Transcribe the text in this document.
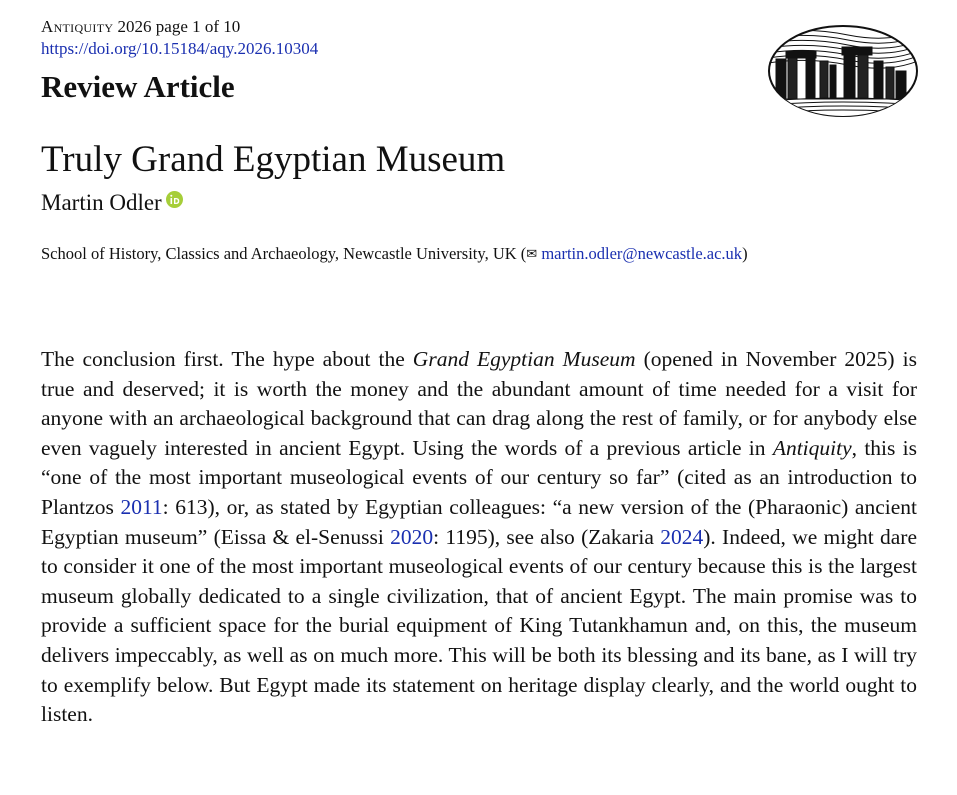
Antiquity 2026 page 1 of 10
https://doi.org/10.15184/aqy.2026.10304
Review Article
Truly Grand Egyptian Museum
Martin Odler
School of History, Classics and Archaeology, Newcastle University, UK (✉ martin.odler@newcastle.ac.uk)

The conclusion first. The hype about the Grand Egyptian Museum (opened in November 2025) is true and deserved; it is worth the money and the abundant amount of time needed for a visit for anyone with an archaeological background that can drag along the rest of family, or for anybody else even vaguely interested in ancient Egypt. Using the words of a previous article in Antiquity, this is “one of the most important museological events of our century so far” (cited as an introduction to Plantzos 2011: 613), or, as stated by Egyptian colleagues: “a new version of the (Pharaonic) ancient Egyptian museum” (Eissa & el-Senussi 2020: 1195), see also (Zakaria 2024). Indeed, we might dare to consider it one of the most important museological events of our century because this is the largest museum globally dedicated to a single civilization, that of ancient Egypt. The main promise was to provide a sufficient space for the burial equipment of King Tutankhamun and, on this, the museum delivers impeccably, as well as on much more. This will be both its blessing and its bane, as I will try to exemplify below. But Egypt made its statement on heritage display clearly, and the world ought to listen.
